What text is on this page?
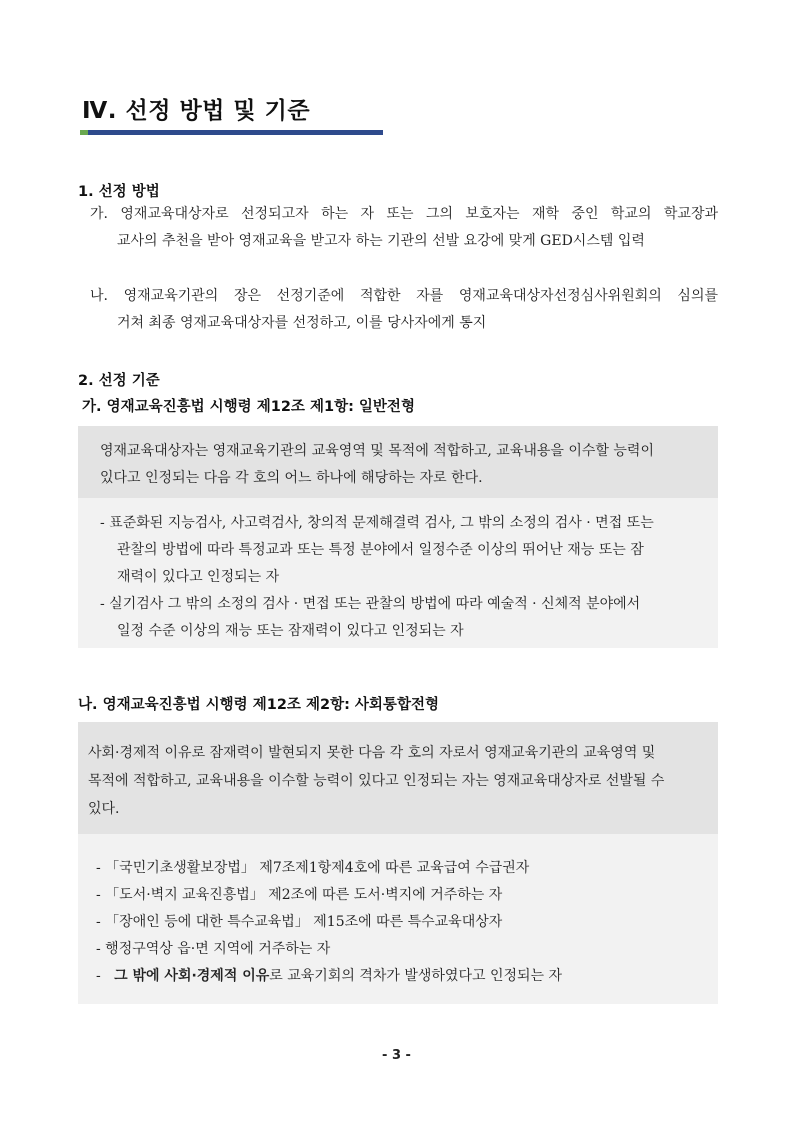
Ⅳ. 선정 방법 및 기준
1. 선정 방법
가. 영재교육대상자로 선정되고자 하는 자 또는 그의 보호자는 재학 중인 학교의 학교장과
교사의 추천을 받아 영재교육을 받고자 하는 기관의 선발 요강에 맞게 GED시스템 입력
나. 영재교육기관의 장은 선정기준에 적합한 자를 영재교육대상자선정심사위원회의 심의를
거쳐 최종 영재교육대상자를 선정하고, 이를 당사자에게 통지
2. 선정 기준
가. 영재교육진흥법 시행령 제12조 제1항: 일반전형
영재교육대상자는 영재교육기관의 교육영역 및 목적에 적합하고, 교육내용을 이수할 능력이
있다고 인정되는 다음 각 호의 어느 하나에 해당하는 자로 한다.
- 표준화된 지능검사, 사고력검사, 창의적 문제해결력 검사, 그 밖의 소정의 검사 · 면접 또는
관찰의 방법에 따라 특정교과 또는 특정 분야에서 일정수준 이상의 뛰어난 재능 또는 잠
재력이 있다고 인정되는 자
- 실기검사 그 밖의 소정의 검사 · 면접 또는 관찰의 방법에 따라 예술적 · 신체적 분야에서
일정 수준 이상의 재능 또는 잠재력이 있다고 인정되는 자
나. 영재교육진흥법 시행령 제12조 제2항: 사회통합전형
사회·경제적 이유로 잠재력이 발현되지 못한 다음 각 호의 자로서 영재교육기관의 교육영역 및
목적에 적합하고, 교육내용을 이수할 능력이 있다고 인정되는 자는 영재교육대상자로 선발될 수
있다.
- 「국민기초생활보장법」 제7조제1항제4호에 따른 교육급여 수급권자
- 「도서·벽지 교육진흥법」 제2조에 따른 도서·벽지에 거주하는 자
- 「장애인 등에 대한 특수교육법」 제15조에 따른 특수교육대상자
- 행정구역상 읍·면 지역에 거주하는 자
- 그 밖에 사회·경제적 이유로 교육기회의 격차가 발생하였다고 인정되는 자
- 3 -
